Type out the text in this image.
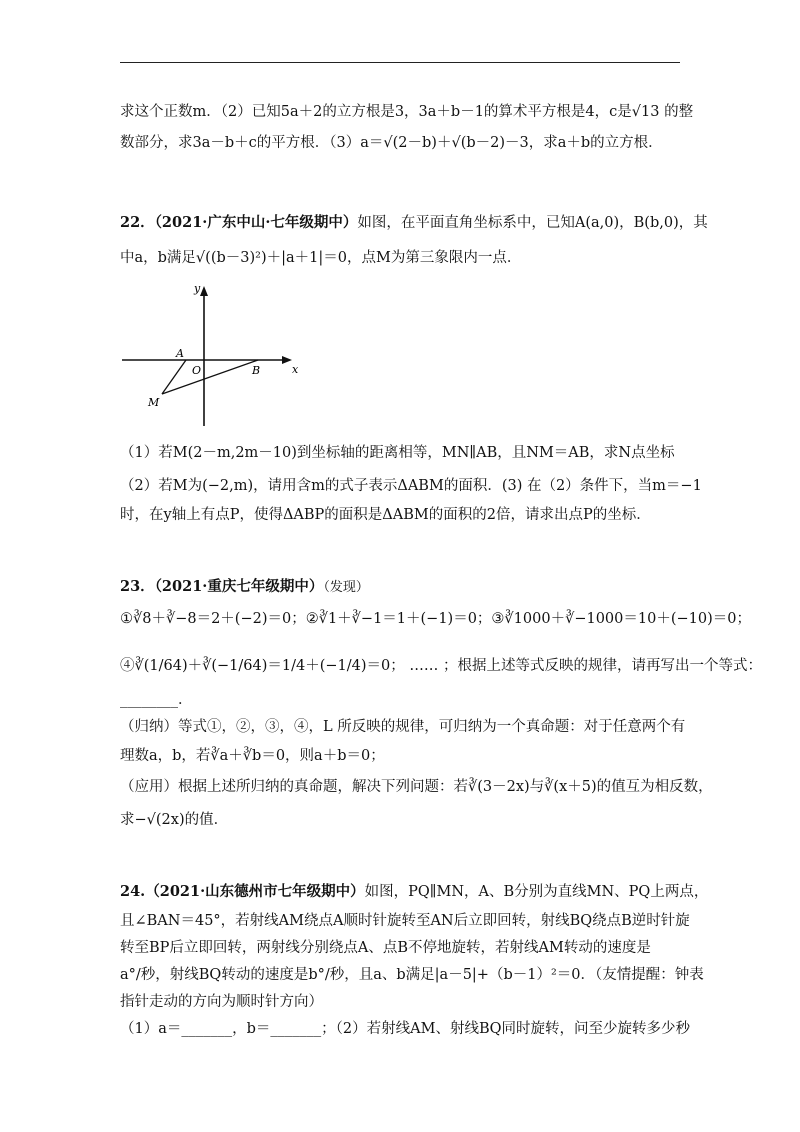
求这个正数m．（2）已知5a＋2的立方根是3，3a＋b－1的算术平方根是4，c是√13 的整
数部分，求3a－b＋c的平方根．（3）a＝√(2－b)＋√(b－2)－3，求a＋b的立方根．
22．（2021·广东中山·七年级期中）如图，在平面直角坐标系中，已知A(a,0)，B(b,0)，其
中a，b满足√((b－3)²)＋|a＋1|＝0，点M为第三象限内一点．
x
y
O
A
B
M
（1）若M(2－m,2m－10)到坐标轴的距离相等，MN∥AB，且NM＝AB，求N点坐标
（2）若M为(−2,m)，请用含m的式子表示ΔABM的面积．(3) 在（2）条件下，当m＝−1
时，在y轴上有点P，使得ΔABP的面积是ΔABM的面积的2倍，请求出点P的坐标．
23．（2021·重庆七年级期中）（发现）
①∛8＋∛−8＝2＋(−2)＝0；②∛1＋∛−1＝1＋(−1)＝0；③∛1000＋∛−1000＝10＋(−10)＝0；
④∛(1/64)＋∛(−1/64)＝1/4＋(−1/4)＝0； …… ；根据上述等式反映的规律，请再写出一个等式：
________．
（归纳）等式①，②，③，④，L 所反映的规律，可归纳为一个真命题：对于任意两个有
理数a，b，若∛a＋∛b＝0，则a＋b＝0；
（应用）根据上述所归纳的真命题，解决下列问题：若∛(3－2x)与∛(x＋5)的值互为相反数，
求−√(2x)的值．
24.（2021·山东德州市七年级期中）如图，PQ∥MN，A、B分别为直线MN、PQ上两点，
且∠BAN＝45°，若射线AM绕点A顺时针旋转至AN后立即回转，射线BQ绕点B逆时针旋
转至BP后立即回转，两射线分别绕点A、点B不停地旋转，若射线AM转动的速度是
a°/秒，射线BQ转动的速度是b°/秒，且a、b满足|a－5|+（b－1）²＝0．（友情提醒：钟表
指针走动的方向为顺时针方向）
（1）a＝_______，b＝_______；（2）若射线AM、射线BQ同时旋转，问至少旋转多少秒
